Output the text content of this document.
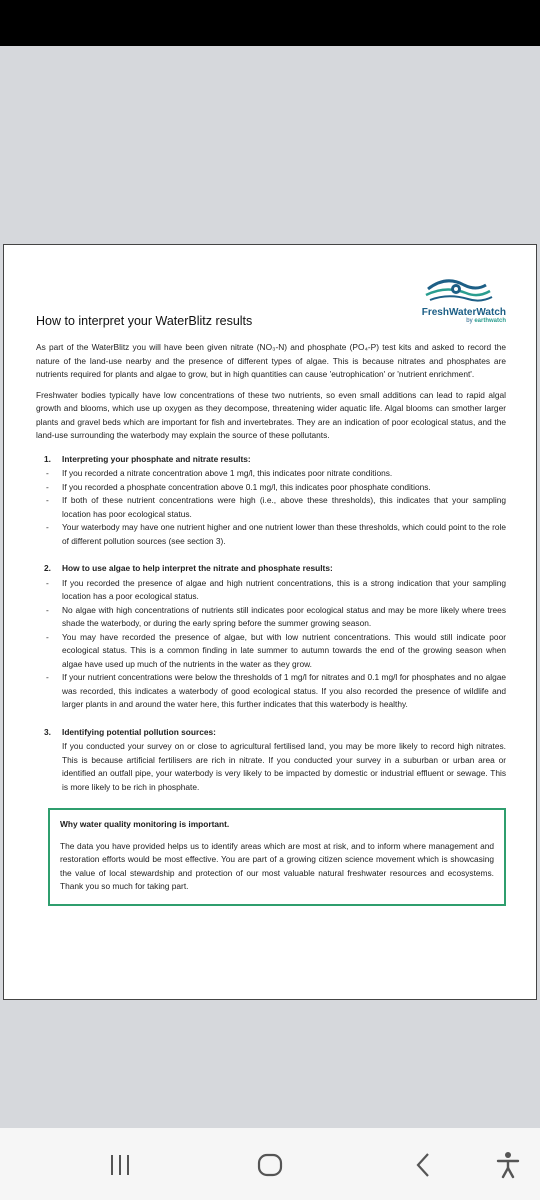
FreshWaterWatch
by earthwatch
How to interpret your WaterBlitz results

As part of the WaterBlitz you will have been given nitrate (NO₃-N) and phosphate (PO₄-P) test kits and asked to record the nature of the land-use nearby and the presence of different types of algae. This is because nitrates and phosphates are nutrients required for plants and algae to grow, but in high quantities can cause 'eutrophication' or 'nutrient enrichment'.

Freshwater bodies typically have low concentrations of these two nutrients, so even small additions can lead to rapid algal growth and blooms, which use up oxygen as they decompose, threatening wider aquatic life. Algal blooms can smother larger plants and gravel beds which are important for fish and invertebrates. They are an indication of poor ecological status, and the land-use surrounding the waterbody may explain the source of these pollutants.

1.	Interpreting your phosphate and nitrate results:
- If you recorded a nitrate concentration above 1 mg/l, this indicates poor nitrate conditions.
- If you recorded a phosphate concentration above 0.1 mg/l, this indicates poor phosphate conditions.
- If both of these nutrient concentrations were high (i.e., above these thresholds), this indicates that your sampling location has poor ecological status.
- Your waterbody may have one nutrient higher and one nutrient lower than these thresholds, which could point to the role of different pollution sources (see section 3).
2.	How to use algae to help interpret the nitrate and phosphate results:
- If you recorded the presence of algae and high nutrient concentrations, this is a strong indication that your sampling location has a poor ecological status.
- No algae with high concentrations of nutrients still indicates poor ecological status and may be more likely where trees shade the waterbody, or during the early spring before the summer growing season.
- You may have recorded the presence of algae, but with low nutrient concentrations. This would still indicate poor ecological status. This is a common finding in late summer to autumn towards the end of the growing season when algae have used up much of the nutrients in the water as they grow.
- If your nutrient concentrations were below the thresholds of 1 mg/l for nitrates and 0.1 mg/l for phosphates and no algae was recorded, this indicates a waterbody of good ecological status. If you also recorded the presence of wildlife and larger plants in and around the water here, this further indicates that this waterbody is healthy.
3.	Identifying potential pollution sources:

If you conducted your survey on or close to agricultural fertilised land, you may be more likely to record high nitrates. This is because artificial fertilisers are rich in nitrate. If you conducted your survey in a suburban or urban area or identified an outfall pipe, your waterbody is very likely to be impacted by domestic or industrial effluent or sewage. This is more likely to be rich in phosphate.

Why water quality monitoring is important.

The data you have provided helps us to identify areas which are most at risk, and to inform where management and restoration efforts would be most effective. You are part of a growing citizen science movement which is showcasing the value of local stewardship and protection of our most valuable natural freshwater resources and ecosystems. Thank you so much for taking part.
